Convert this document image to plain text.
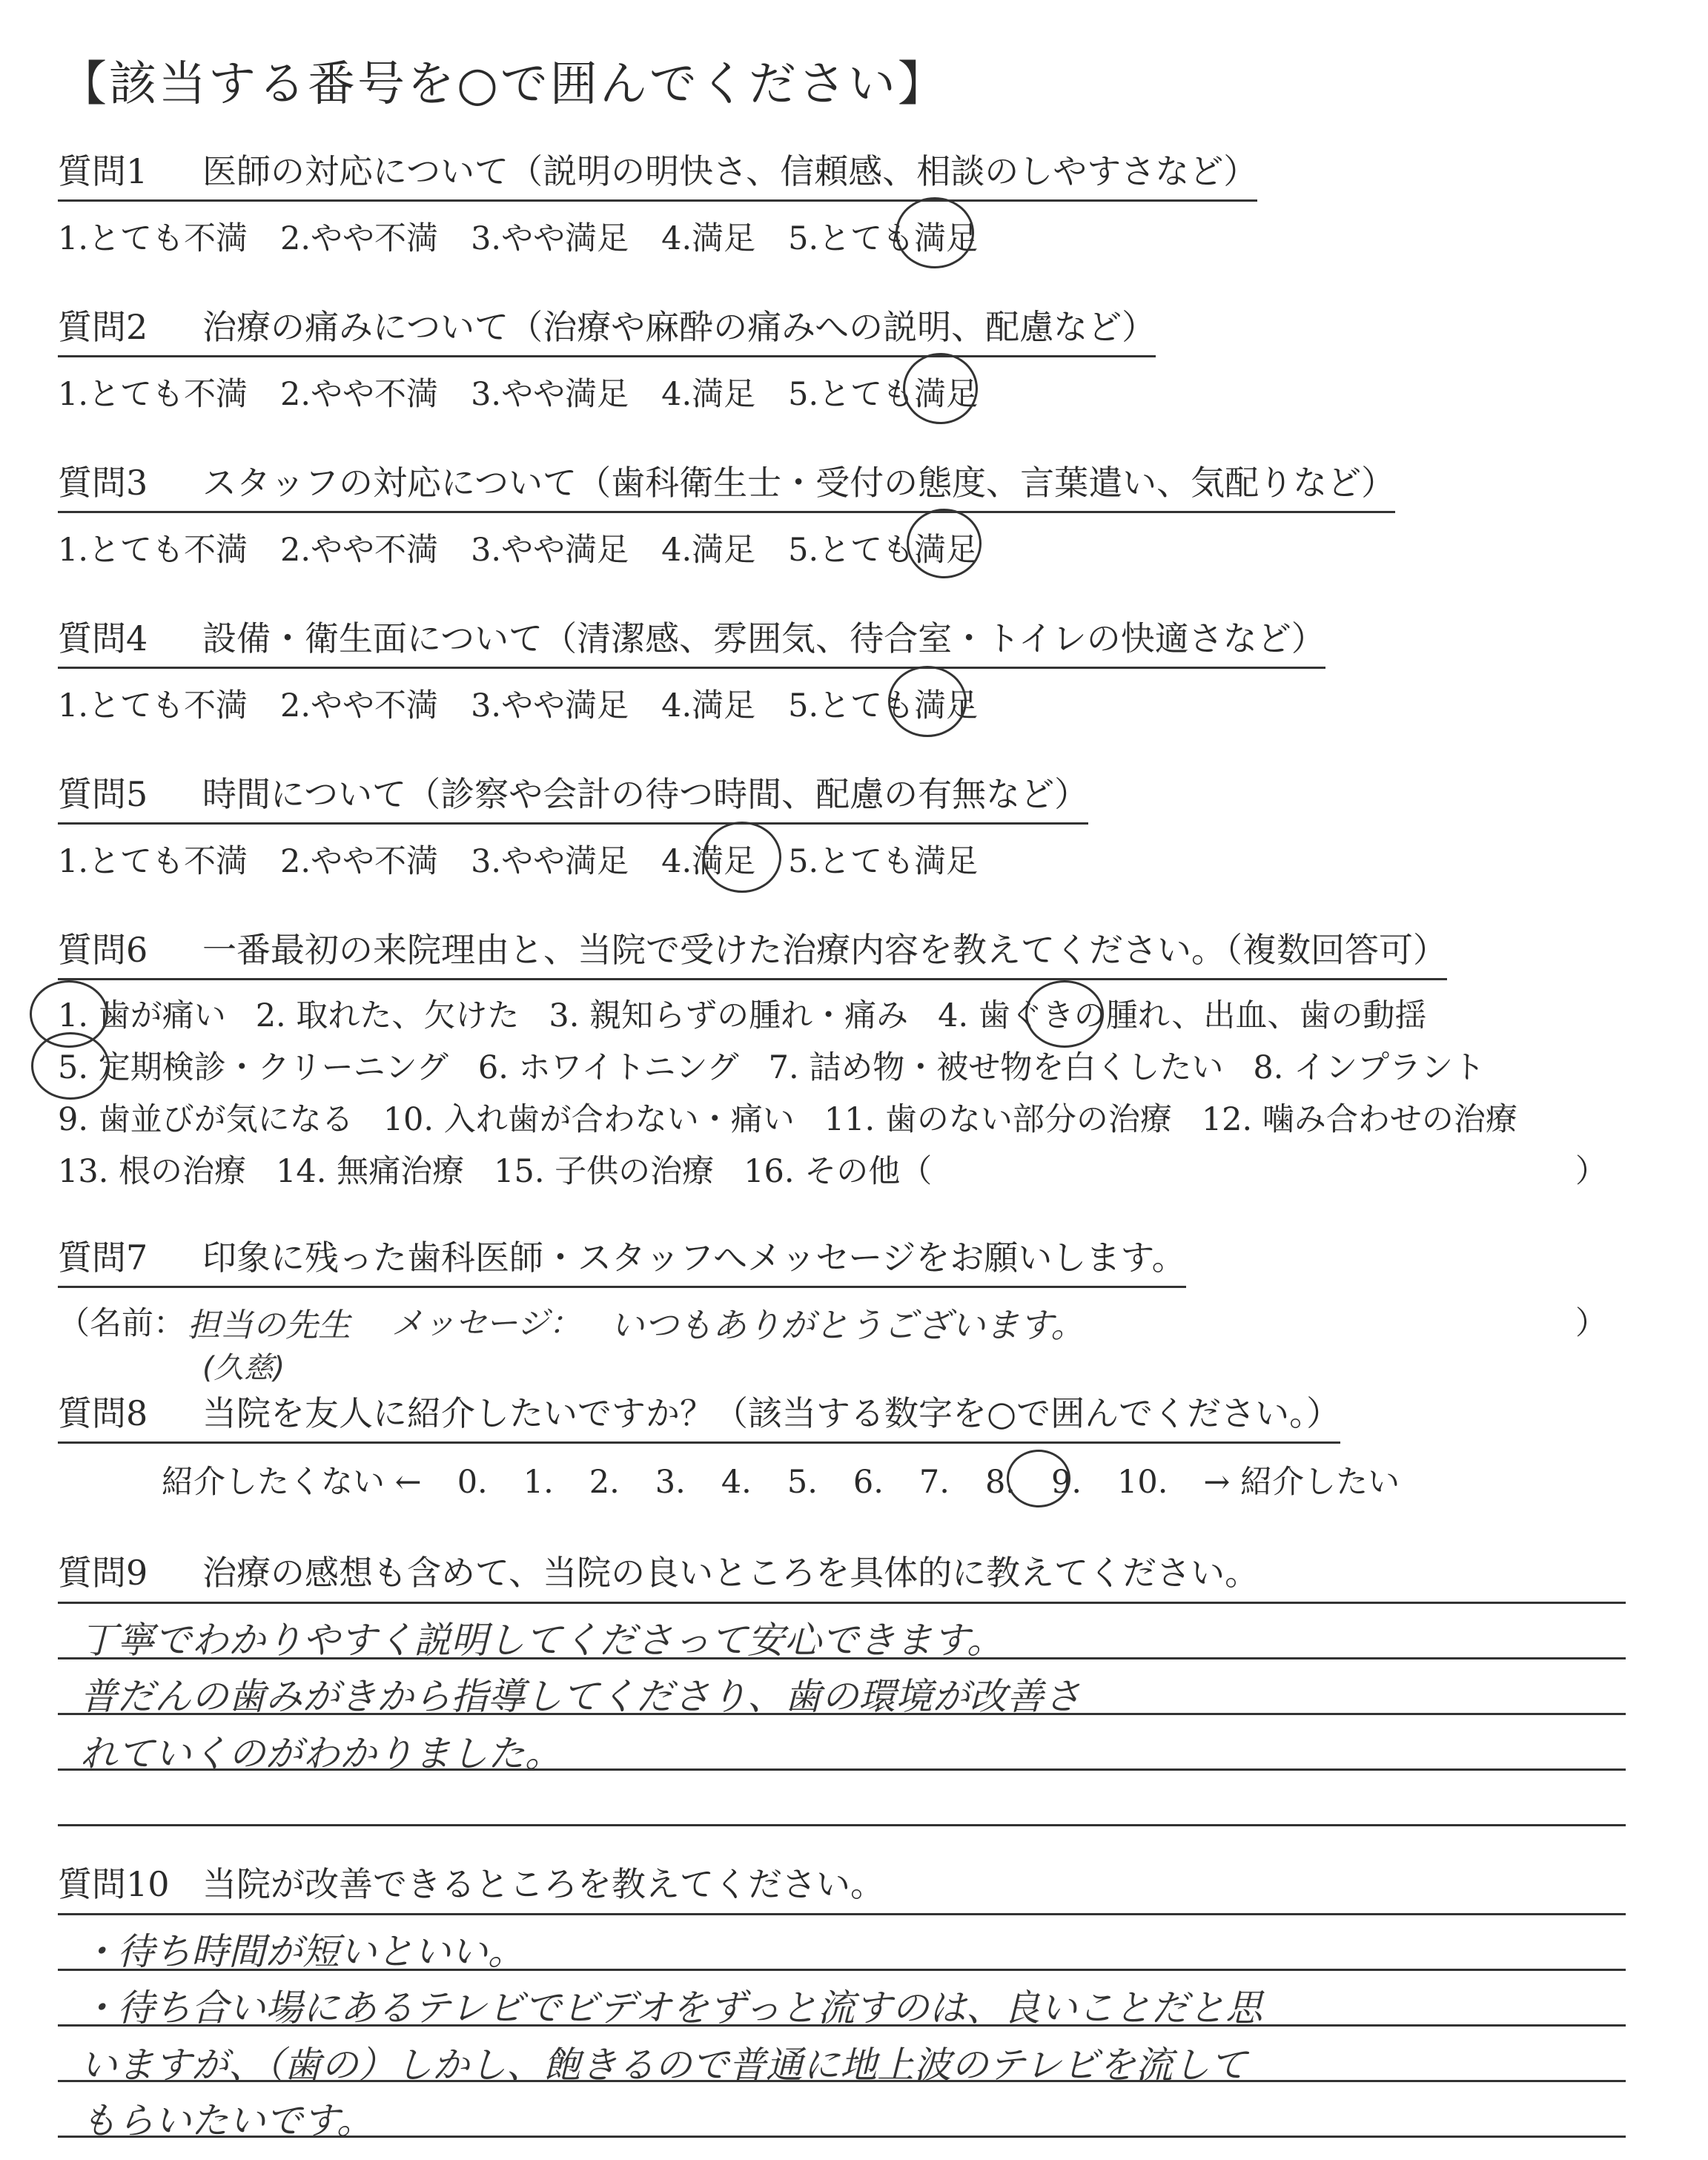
【該当する番号を○で囲んでください】
質問1 医師の対応について（説明の明快さ、信頼感、相談のしやすさなど）
1.とても不満 2.やや不満 3.やや満足 4.満足 5.とても満足
質問2 治療の痛みについて（治療や麻酔の痛みへの説明、配慮など）
1.とても不満 2.やや不満 3.やや満足 4.満足 5.とても満足
質問3 スタッフの対応について（歯科衛生士・受付の態度、言葉遣い、気配りなど）
1.とても不満 2.やや不満 3.やや満足 4.満足 5.とても満足
質問4 設備・衛生面について（清潔感、雰囲気、待合室・トイレの快適さなど）
1.とても不満 2.やや不満 3.やや満足 4.満足 5.とても満足
質問5 時間について（診察や会計の待つ時間、配慮の有無など）
1.とても不満 2.やや不満 3.やや満足 4.満足 5.とても満足
質問6 一番最初の来院理由と、当院で受けた治療内容を教えてください。（複数回答可）
1. 歯が痛い 2. 取れた、欠けた 3. 親知らずの腫れ・痛み 4. 歯ぐきの腫れ、出血、歯の動揺
5. 定期検診・クリーニング 6. ホワイトニング 7. 詰め物・被せ物を白くしたい 8. インプラント
9. 歯並びが気になる 10. 入れ歯が合わない・痛い 11. 歯のない部分の治療 12. 噛み合わせの治療
13. 根の治療 14. 無痛治療 15. 子供の治療 16. その他（	）
質問7 印象に残った歯科医師・スタッフへメッセージをお願いします。
（名前： 担当の先生
(久慈)
メッセージ： いつもありがとうございます。	）
質問8 当院を友人に紹介したいですか？（該当する数字を○で囲んでください。）
紹介したくない ← 0. 1. 2. 3. 4. 5. 6. 7. 8. 9. 10. → 紹介したい
質問9 治療の感想も含めて、当院の良いところを具体的に教えてください。
丁寧でわかりやすく説明してくださって安心できます。
普だんの歯みがきから指導してくださり、歯の環境が改善さ
れていくのがわかりました。
質問10 当院が改善できるところを教えてください。
・待ち時間が短いといい。
・待ち合い場にあるテレビでビデオをずっと流すのは、良いことだと思
いますが、（歯の）しかし、飽きるので普通に地上波のテレビを流して
もらいたいです。
